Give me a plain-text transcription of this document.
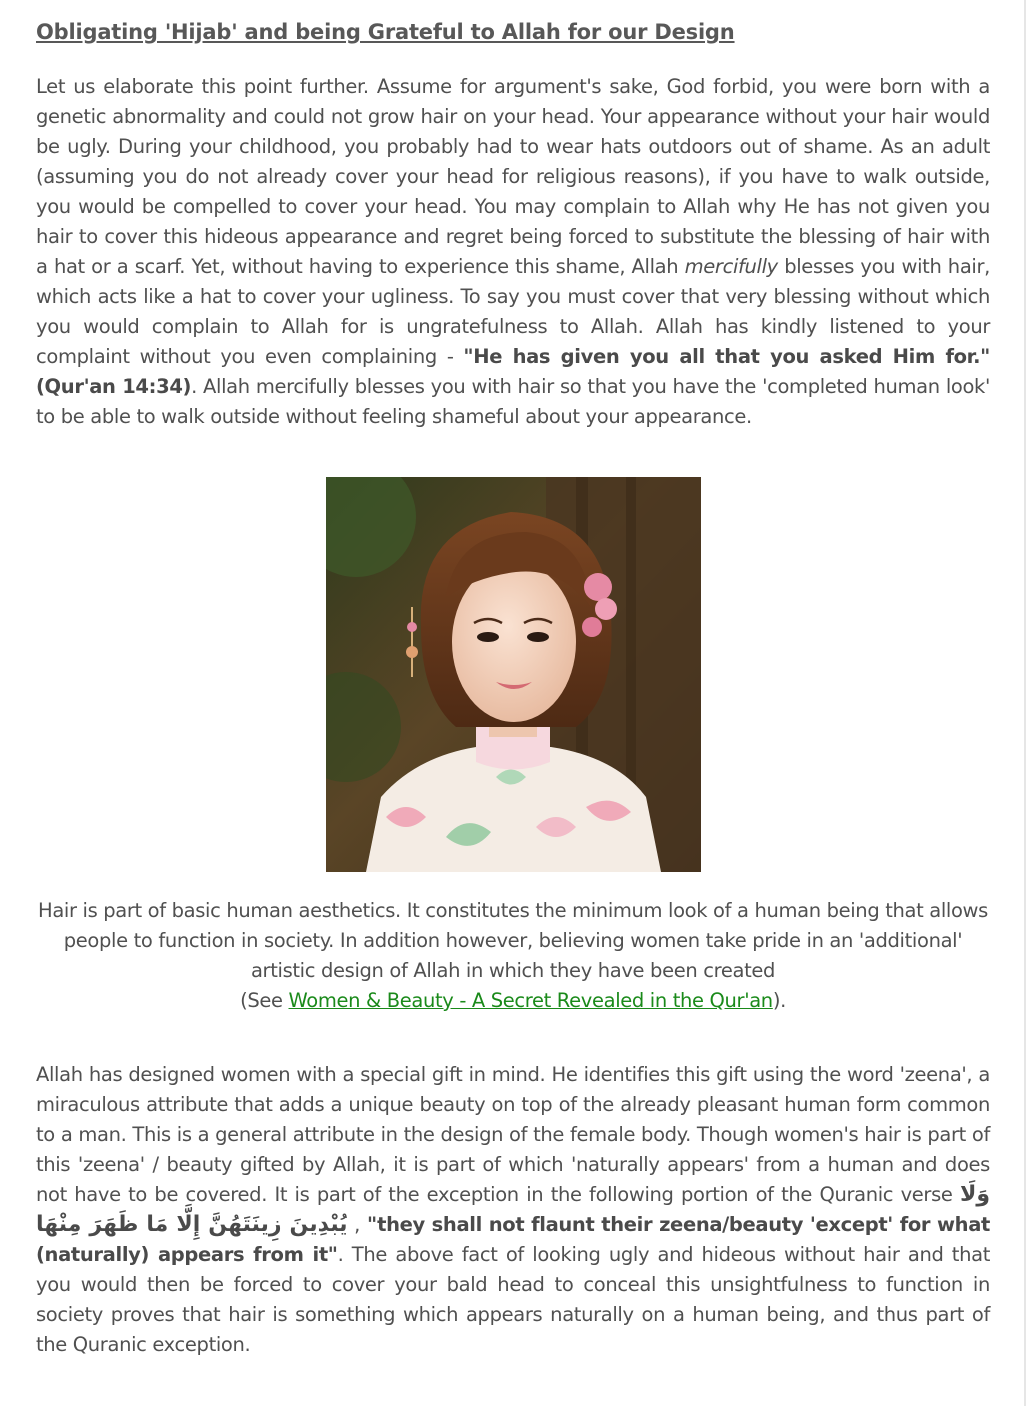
Obligating 'Hijab' and being Grateful to Allah for our Design

Let us elaborate this point further. Assume for argument's sake, God forbid, you were born with a genetic abnormality and could not grow hair on your head. Your appearance without your hair would be ugly. During your childhood, you probably had to wear hats outdoors out of shame. As an adult (assuming you do not already cover your head for religious reasons), if you have to walk outside, you would be compelled to cover your head. You may complain to Allah why He has not given you hair to cover this hideous appearance and regret being forced to substitute the blessing of hair with a hat or a scarf. Yet, without having to experience this shame, Allah mercifully blesses you with hair, which acts like a hat to cover your ugliness. To say you must cover that very blessing without which you would complain to Allah for is ungratefulness to Allah. Allah has kindly listened to your complaint without you even complaining - "He has given you all that you asked Him for." (Qur'an 14:34). Allah mercifully blesses you with hair so that you have the 'completed human look' to be able to walk outside without feeling shameful about your appearance.

Hair is part of basic human aesthetics. It constitutes the minimum look of a human being that allows people to function in society. In addition however, believing women take pride in an 'additional' artistic design of Allah in which they have been created
(See Women & Beauty - A Secret Revealed in the Qur'an).

Allah has designed women with a special gift in mind. He identifies this gift using the word 'zeena', a miraculous attribute that adds a unique beauty on top of the already pleasant human form common to a man. This is a general attribute in the design of the female body. Though women's hair is part of this 'zeena' / beauty gifted by Allah, it is part of which 'naturally appears' from a human and does not have to be covered. It is part of the exception in the following portion of the Quranic verse وَلَا يُبْدِينَ زِينَتَهُنَّ إِلَّا مَا ظَهَرَ مِنْهَا , "they shall not flaunt their zeena/beauty 'except' for what (naturally) appears from it". The above fact of looking ugly and hideous without hair and that you would then be forced to cover your bald head to conceal this unsightfulness to function in society proves that hair is something which appears naturally on a human being, and thus part of the Quranic exception.
